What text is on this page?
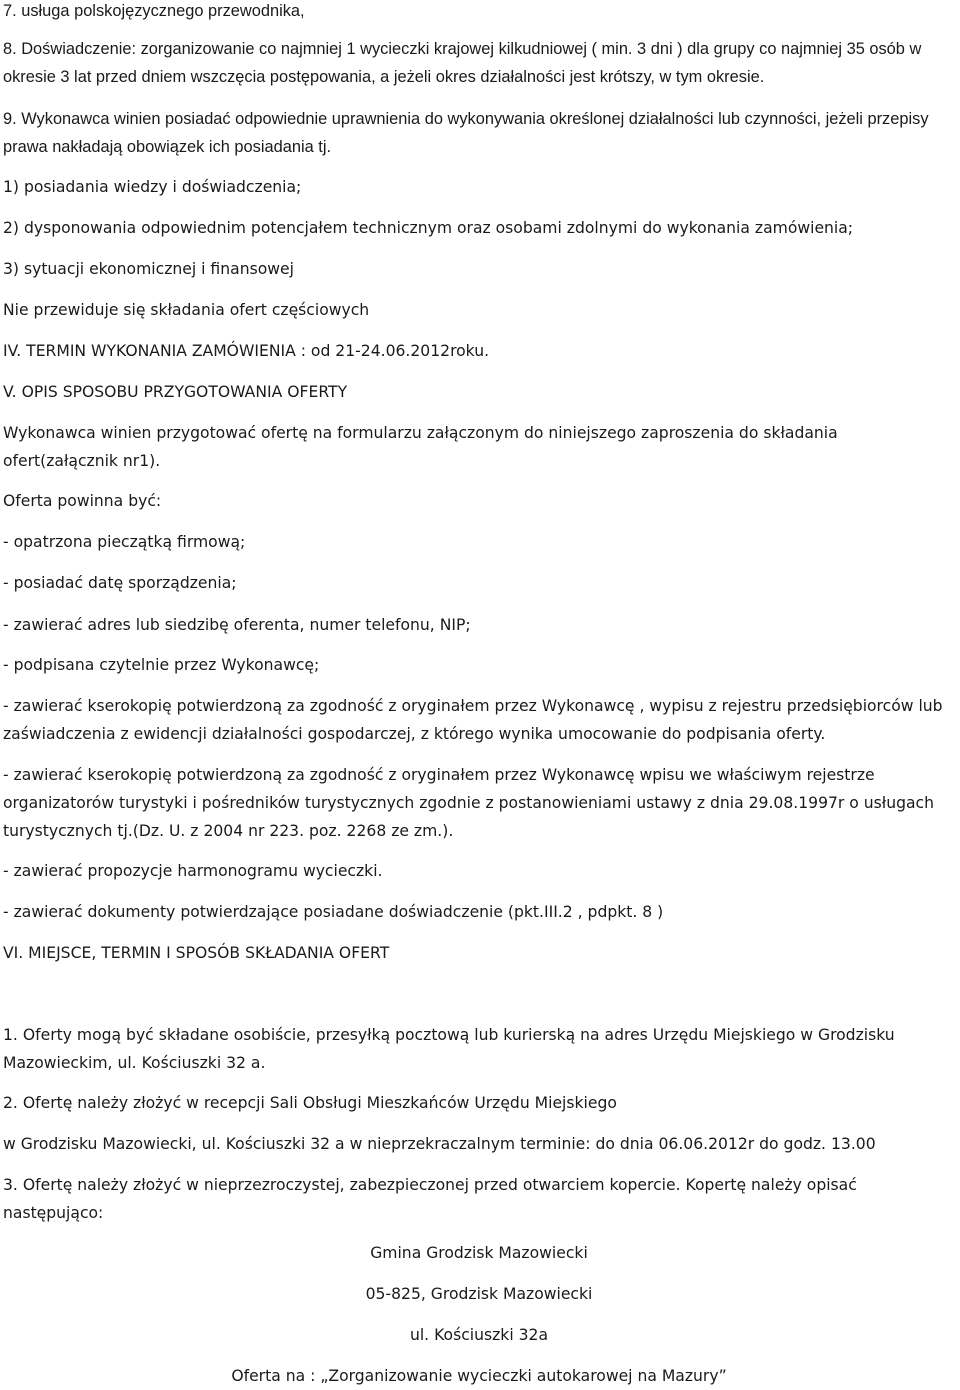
7. usługa polskojęzycznego przewodnika,

8. Doświadczenie: zorganizowanie co najmniej 1 wycieczki krajowej kilkudniowej ( min. 3 dni ) dla grupy co najmniej 35 osób w okresie 3 lat przed dniem wszczęcia postępowania, a jeżeli okres działalności jest krótszy, w tym okresie.

9. Wykonawca winien posiadać odpowiednie uprawnienia do wykonywania określonej działalności lub czynności, jeżeli przepisy prawa nakładają obowiązek ich posiadania tj.

1) posiadania wiedzy i doświadczenia;

2) dysponowania odpowiednim potencjałem technicznym oraz osobami zdolnymi do wykonania zamówienia;

3) sytuacji ekonomicznej i finansowej

Nie przewiduje się składania ofert częściowych

IV. TERMIN WYKONANIA ZAMÓWIENIA : od 21-24.06.2012roku.

V. OPIS SPOSOBU PRZYGOTOWANIA OFERTY

Wykonawca winien przygotować ofertę na formularzu załączonym do niniejszego zaproszenia do składania ofert(załącznik nr1).

Oferta powinna być:

- opatrzona pieczątką firmową;

- posiadać datę sporządzenia;

- zawierać adres lub siedzibę oferenta, numer telefonu, NIP;

- podpisana czytelnie przez Wykonawcę;

- zawierać kserokopię potwierdzoną za zgodność z oryginałem przez Wykonawcę , wypisu z rejestru przedsiębiorców lub zaświadczenia z ewidencji działalności gospodarczej, z którego wynika umocowanie do podpisania oferty.

- zawierać kserokopię potwierdzoną za zgodność z oryginałem przez Wykonawcę wpisu we właściwym rejestrze organizatorów turystyki i pośredników turystycznych zgodnie z postanowieniami ustawy z dnia 29.08.1997r o usługach turystycznych tj.(Dz. U. z 2004 nr 223. poz. 2268 ze zm.).

- zawierać propozycje harmonogramu wycieczki.

- zawierać dokumenty potwierdzające posiadane doświadczenie (pkt.III.2 , pdpkt. 8 )

VI. MIEJSCE, TERMIN I SPOSÓB SKŁADANIA OFERT

1. Oferty mogą być składane osobiście, przesyłką pocztową lub kurierską na adres Urzędu Miejskiego w Grodzisku Mazowieckim, ul. Kościuszki 32 a.

2. Ofertę należy złożyć w recepcji Sali Obsługi Mieszkańców Urzędu Miejskiego

w Grodzisku Mazowiecki, ul. Kościuszki 32 a w nieprzekraczalnym terminie: do dnia 06.06.2012r do godz. 13.00

3. Ofertę należy złożyć w nieprzezroczystej, zabezpieczonej przed otwarciem kopercie. Kopertę należy opisać następująco:

Gmina Grodzisk Mazowiecki

05-825, Grodzisk Mazowiecki

ul. Kościuszki 32a

Oferta na : „Zorganizowanie wycieczki autokarowej na Mazury”
